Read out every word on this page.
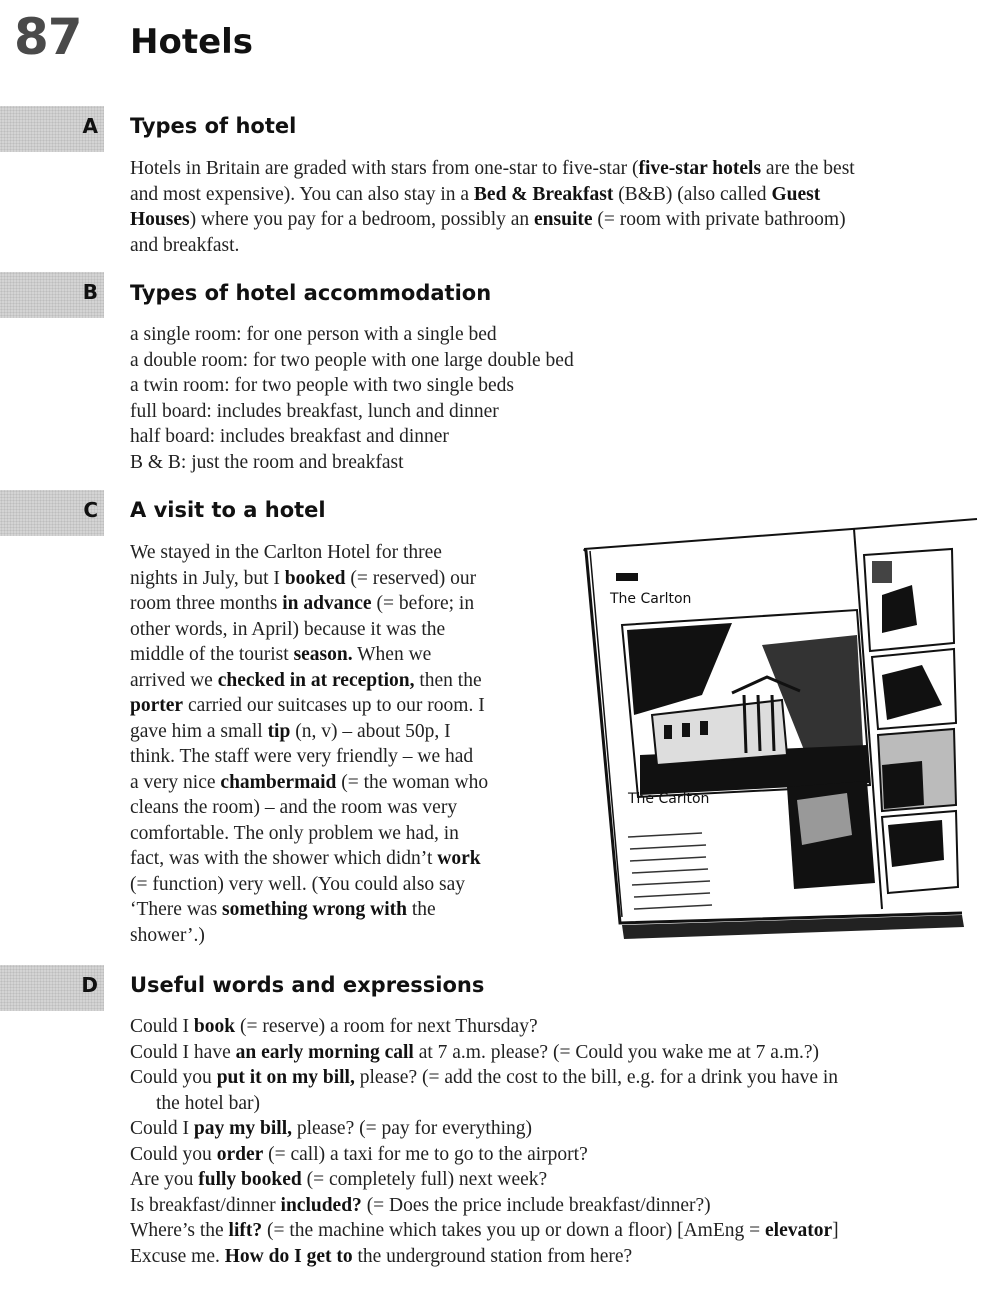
87 Hotels
A Types of hotel
Hotels in Britain are graded with stars from one-star to five-star (five-star hotels are the best
and most expensive). You can also stay in a Bed & Breakfast (B&B) (also called Guest
Houses) where you pay for a bedroom, possibly an ensuite (= room with private bathroom)
and breakfast.
B Types of hotel accommodation
a single room: for one person with a single bed
a double room: for two people with one large double bed
a twin room: for two people with two single beds
full board: includes breakfast, lunch and dinner
half board: includes breakfast and dinner
B & B: just the room and breakfast
C A visit to a hotel
We stayed in the Carlton Hotel for three
nights in July, but I booked (= reserved) our
room three months in advance (= before; in
other words, in April) because it was the
middle of the tourist season. When we
arrived we checked in at reception, then the
porter carried our suitcases up to our room. I
gave him a small tip (n, v) – about 50p, I
think. The staff were very friendly – we had
a very nice chambermaid (= the woman who
cleans the room) – and the room was very
comfortable. The only problem we had, in
fact, was with the shower which didn’t work
(= function) very well. (You could also say
‘There was something wrong with the
shower’.)
The Carlton
The Carlton
D Useful words and expressions
Could I book (= reserve) a room for next Thursday?
Could I have an early morning call at 7 a.m. please? (= Could you wake me at 7 a.m.?)
Could you put it on my bill, please? (= add the cost to the bill, e.g. for a drink you have in
the hotel bar)
Could I pay my bill, please? (= pay for everything)
Could you order (= call) a taxi for me to go to the airport?
Are you fully booked (= completely full) next week?
Is breakfast/dinner included? (= Does the price include breakfast/dinner?)
Where’s the lift? (= the machine which takes you up or down a floor) [AmEng = elevator]
Excuse me. How do I get to the underground station from here?
